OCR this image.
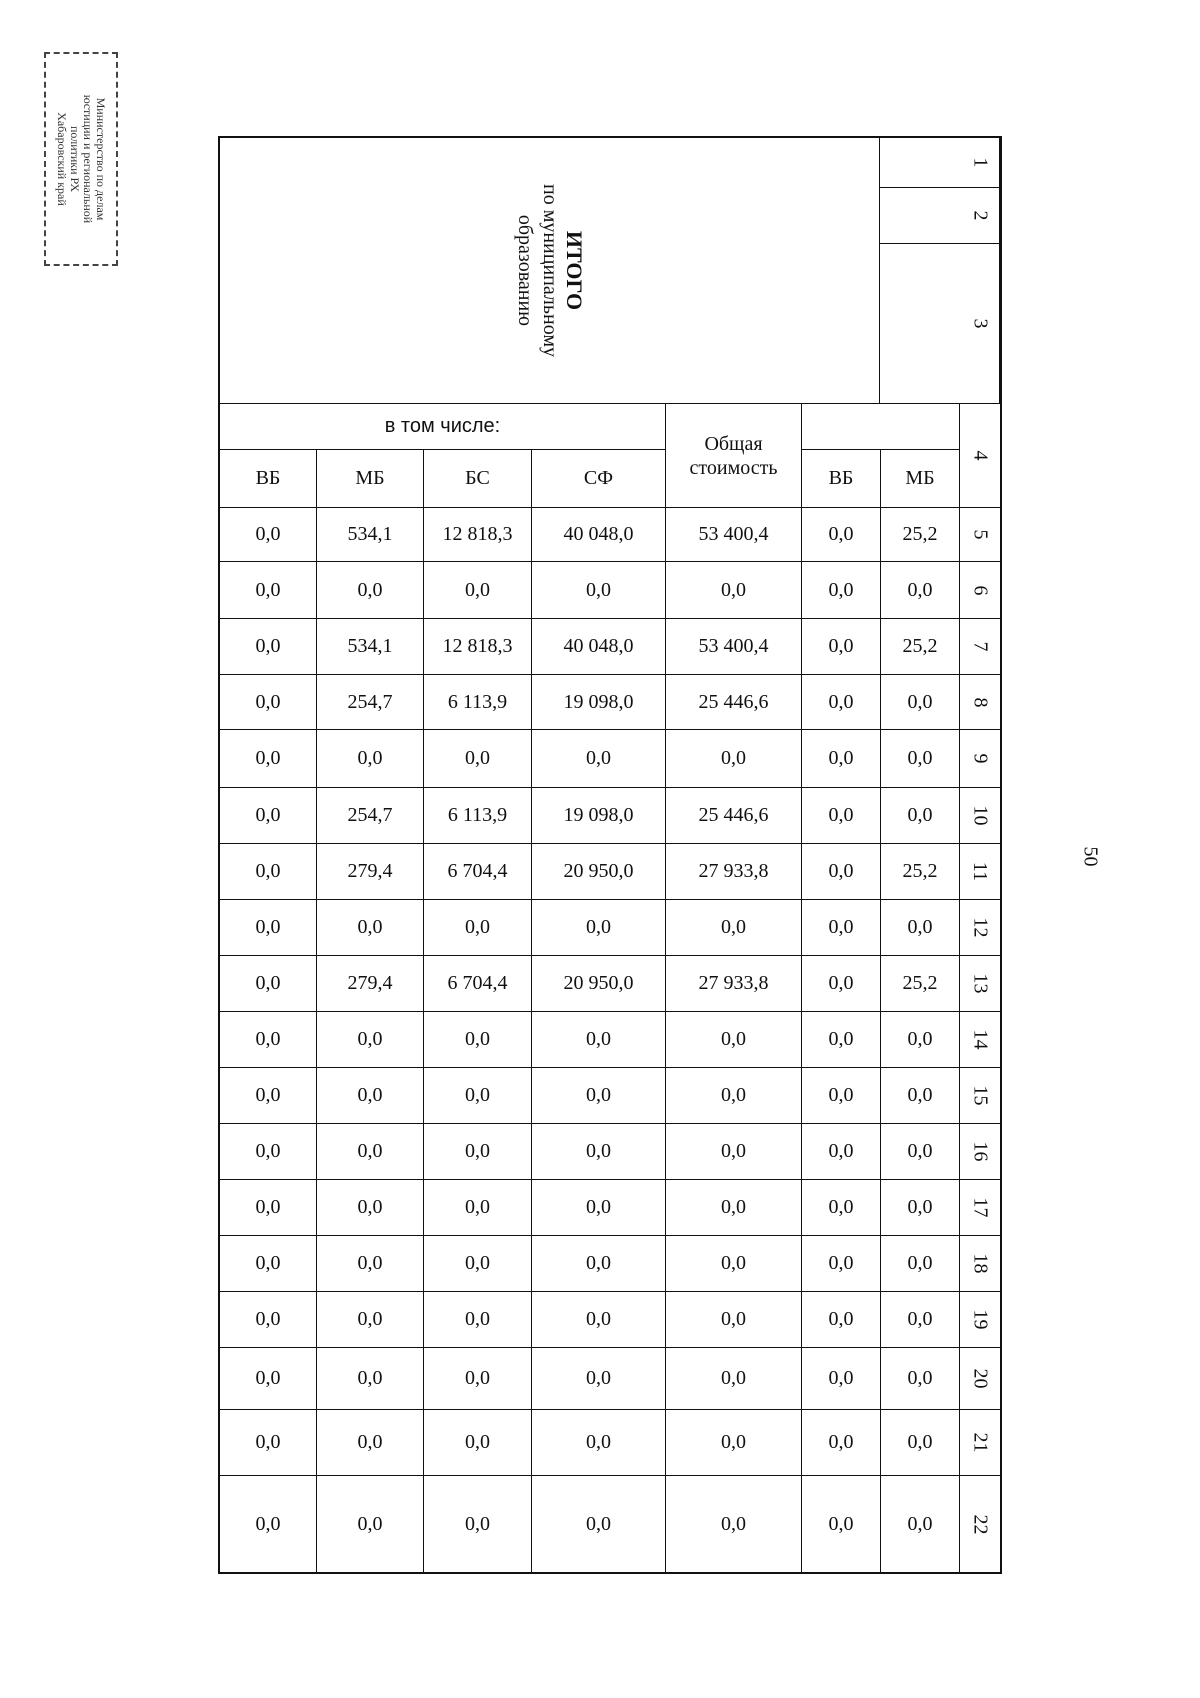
Министерство по делам
юстиции и региональной
политики РХ
Хабаровский край
50
ИТОГО
по муниципальному
образованию
1
2
3
в том числе:
Общая стоимость
4
ВБ	МБ	БС	СФ	ВБ	МБ
0,0	534,1	12 818,3	40 048,0	53 400,4	0,0	25,2	5
0,0	0,0	0,0	0,0	0,0	0,0	0,0	6
0,0	534,1	12 818,3	40 048,0	53 400,4	0,0	25,2	7
0,0	254,7	6 113,9	19 098,0	25 446,6	0,0	0,0	8
0,0	0,0	0,0	0,0	0,0	0,0	0,0	9
0,0	254,7	6 113,9	19 098,0	25 446,6	0,0	0,0	10
0,0	279,4	6 704,4	20 950,0	27 933,8	0,0	25,2	11
0,0	0,0	0,0	0,0	0,0	0,0	0,0	12
0,0	279,4	6 704,4	20 950,0	27 933,8	0,0	25,2	13
0,0	0,0	0,0	0,0	0,0	0,0	0,0	14
0,0	0,0	0,0	0,0	0,0	0,0	0,0	15
0,0	0,0	0,0	0,0	0,0	0,0	0,0	16
0,0	0,0	0,0	0,0	0,0	0,0	0,0	17
0,0	0,0	0,0	0,0	0,0	0,0	0,0	18
0,0	0,0	0,0	0,0	0,0	0,0	0,0	19
0,0	0,0	0,0	0,0	0,0	0,0	0,0	20
0,0	0,0	0,0	0,0	0,0	0,0	0,0	21
0,0	0,0	0,0	0,0	0,0	0,0	0,0	22
